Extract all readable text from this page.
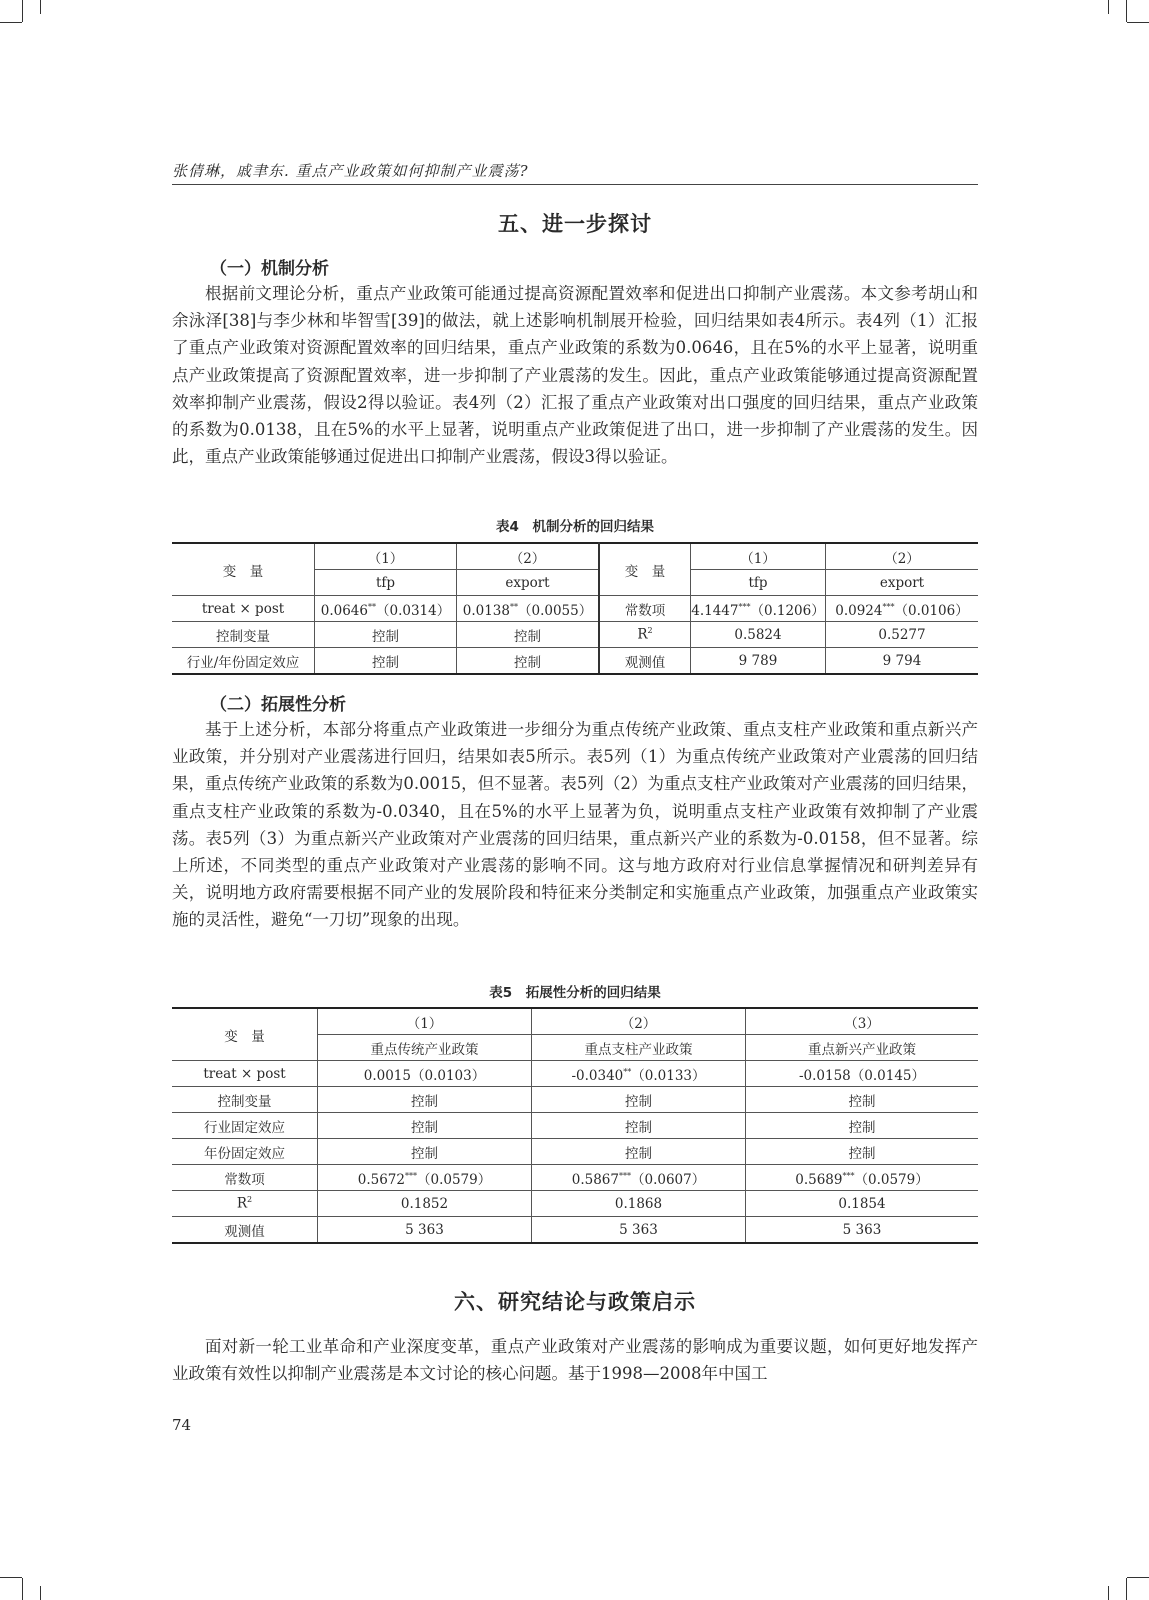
张倩琳，戚聿东. 重点产业政策如何抑制产业震荡?
五、进一步探讨
（一）机制分析

根据前文理论分析，重点产业政策可能通过提高资源配置效率和促进出口抑制产业震荡。本文参考胡山和余泳泽[38]与李少林和毕智雪[39]的做法，就上述影响机制展开检验，回归结果如表4所示。表4列（1）汇报了重点产业政策对资源配置效率的回归结果，重点产业政策的系数为0.0646，且在5%的水平上显著，说明重点产业政策提高了资源配置效率，进一步抑制了产业震荡的发生。因此，重点产业政策能够通过提高资源配置效率抑制产业震荡，假设2得以验证。表4列（2）汇报了重点产业政策对出口强度的回归结果，重点产业政策的系数为0.0138，且在5%的水平上显著，说明重点产业政策促进了出口，进一步抑制了产业震荡的发生。因此，重点产业政策能够通过促进出口抑制产业震荡，假设3得以验证。

表4　机制分析的回归结果
变　量	（1）	（2）	变　量	（1）	（2）
	tfp	export		tfp	export
treat × post	0.0646**（0.0314）	0.0138**（0.0055）	常数项	4.1447***（0.1206）	0.0924***（0.0106）
控制变量	控制	控制	$R^2$	0.5824	0.5277
行业/年份固定效应	控制	控制	观测值	9 789	9 794
（二）拓展性分析

基于上述分析，本部分将重点产业政策进一步细分为重点传统产业政策、重点支柱产业政策和重点新兴产业政策，并分别对产业震荡进行回归，结果如表5所示。表5列（1）为重点传统产业政策对产业震荡的回归结果，重点传统产业政策的系数为0.0015，但不显著。表5列（2）为重点支柱产业政策对产业震荡的回归结果，重点支柱产业政策的系数为-0.0340，且在5%的水平上显著为负，说明重点支柱产业政策有效抑制了产业震荡。表5列（3）为重点新兴产业政策对产业震荡的回归结果，重点新兴产业的系数为-0.0158，但不显著。综上所述，不同类型的重点产业政策对产业震荡的影响不同。这与地方政府对行业信息掌握情况和研判差异有关，说明地方政府需要根据不同产业的发展阶段和特征来分类制定和实施重点产业政策，加强重点产业政策实施的灵活性，避免“一刀切”现象的出现。

表5　拓展性分析的回归结果
变　量	（1）	（2）	（3）
	重点传统产业政策	重点支柱产业政策	重点新兴产业政策
treat × post	0.0015（0.0103）	-0.0340**（0.0133）	-0.0158（0.0145）
控制变量	控制	控制	控制
行业固定效应	控制	控制	控制
年份固定效应	控制	控制	控制
常数项	0.5672***（0.0579）	0.5867***（0.0607）	0.5689***（0.0579）
$R^2$	0.1852	0.1868	0.1854
观测值	5 363	5 363	5 363
六、研究结论与政策启示

面对新一轮工业革命和产业深度变革，重点产业政策对产业震荡的影响成为重要议题，如何更好地发挥产业政策有效性以抑制产业震荡是本文讨论的核心问题。基于1998—2008年中国工

74
